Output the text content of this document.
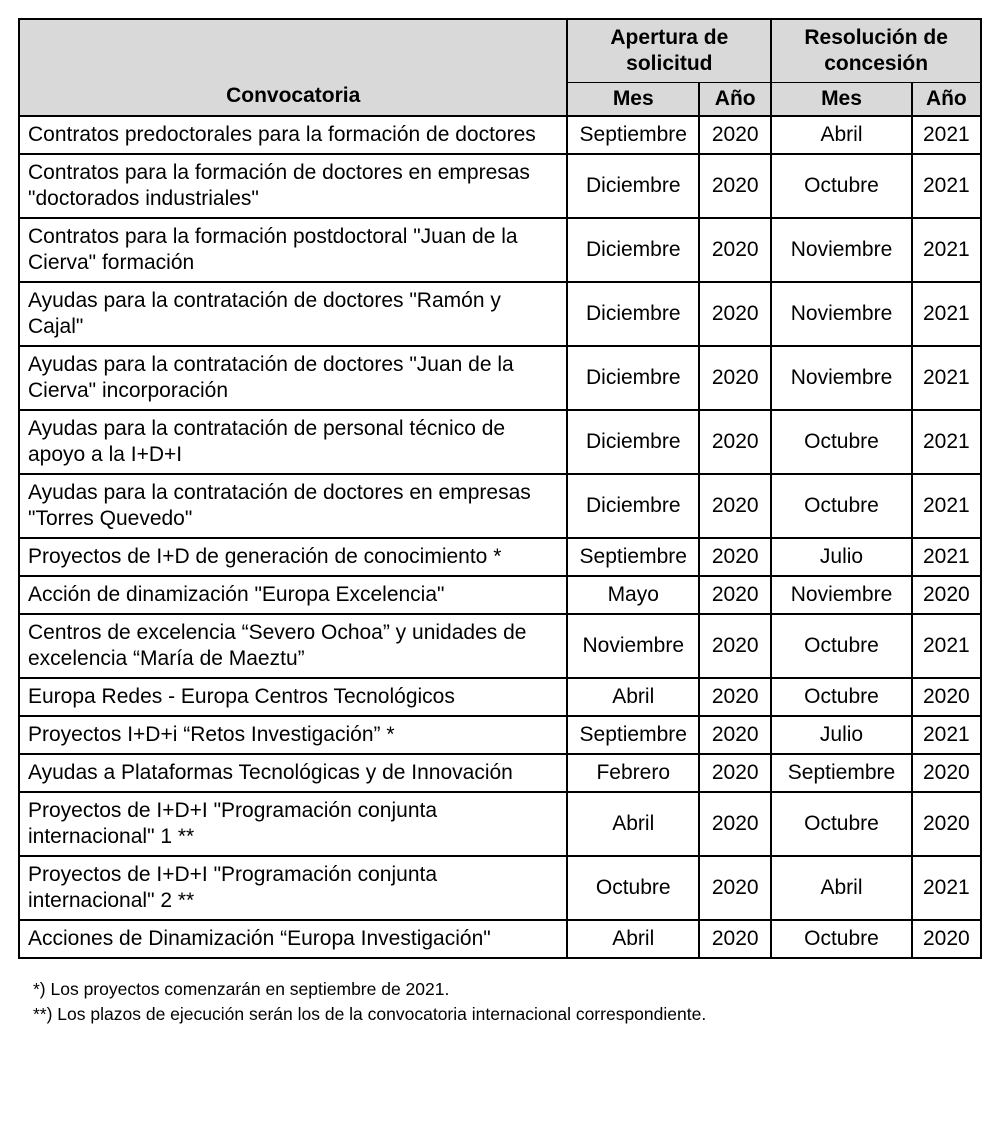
Convocatoria	Apertura de solicitud		Resolución de concesión	
	Mes	Año	Mes	Año
Contratos predoctorales para la formación de doctores	Septiembre	2020	Abril	2021
Contratos para la formación de doctores en empresas "doctorados industriales"	Diciembre	2020	Octubre	2021
Contratos para la formación postdoctoral "Juan de la Cierva" formación	Diciembre	2020	Noviembre	2021
Ayudas para la contratación de doctores "Ramón y Cajal"	Diciembre	2020	Noviembre	2021
Ayudas para la contratación de doctores "Juan de la Cierva" incorporación	Diciembre	2020	Noviembre	2021
Ayudas para la contratación de personal técnico de apoyo a la I+D+I	Diciembre	2020	Octubre	2021
Ayudas para la contratación de doctores en empresas "Torres Quevedo"	Diciembre	2020	Octubre	2021
Proyectos de I+D de generación de conocimiento *	Septiembre	2020	Julio	2021
Acción de dinamización "Europa Excelencia"	Mayo	2020	Noviembre	2020
Centros de excelencia “Severo Ochoa” y unidades de excelencia “María de Maeztu”	Noviembre	2020	Octubre	2021
Europa Redes - Europa Centros Tecnológicos	Abril	2020	Octubre	2020
Proyectos I+D+i “Retos Investigación” *	Septiembre	2020	Julio	2021
Ayudas a Plataformas Tecnológicas y de Innovación	Febrero	2020	Septiembre	2020
Proyectos de I+D+I "Programación conjunta internacional" 1 **	Abril	2020	Octubre	2020
Proyectos de I+D+I "Programación conjunta internacional" 2 **	Octubre	2020	Abril	2021
Acciones de Dinamización “Europa Investigación"	Abril	2020	Octubre	2020

*) Los proyectos comenzarán en septiembre de 2021.

**) Los plazos de ejecución serán los de la convocatoria internacional correspondiente.
